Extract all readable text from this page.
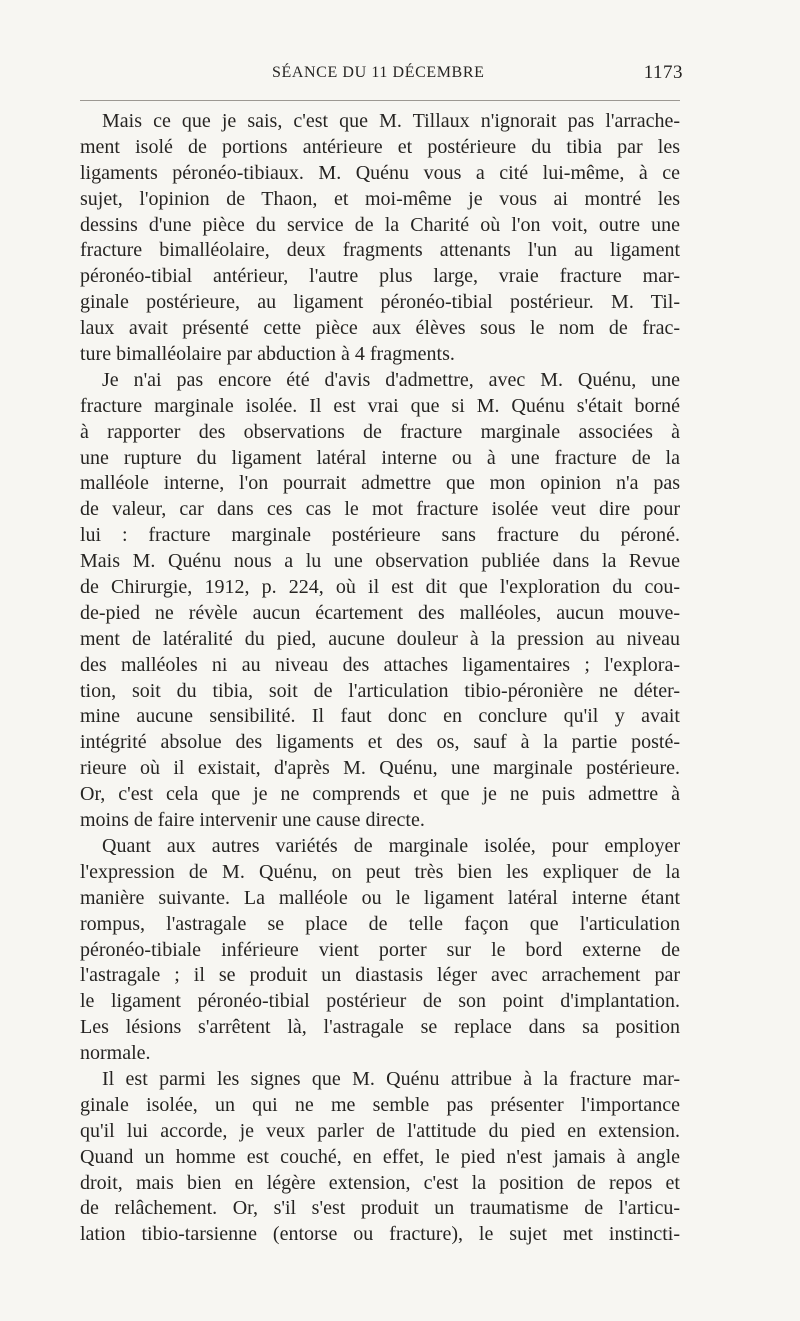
SÉANCE DU 11 DÉCEMBRE	1173
Mais ce que je sais, c'est que M. Tillaux n'ignorait pas l'arrache-
ment isolé de portions antérieure et postérieure du tibia par les
ligaments péronéo-tibiaux. M. Quénu vous a cité lui-même, à ce
sujet, l'opinion de Thaon, et moi-même je vous ai montré les
dessins d'une pièce du service de la Charité où l'on voit, outre une
fracture bimalléolaire, deux fragments attenants l'un au ligament
péronéo-tibial antérieur, l'autre plus large, vraie fracture mar-
ginale postérieure, au ligament péronéo-tibial postérieur. M. Til-
laux avait présenté cette pièce aux élèves sous le nom de frac-
ture bimalléolaire par abduction à 4 fragments.
Je n'ai pas encore été d'avis d'admettre, avec M. Quénu, une
fracture marginale isolée. Il est vrai que si M. Quénu s'était borné
à rapporter des observations de fracture marginale associées à
une rupture du ligament latéral interne ou à une fracture de la
malléole interne, l'on pourrait admettre que mon opinion n'a pas
de valeur, car dans ces cas le mot fracture isolée veut dire pour
lui : fracture marginale postérieure sans fracture du péroné.
Mais M. Quénu nous a lu une observation publiée dans la Revue
de Chirurgie, 1912, p. 224, où il est dit que l'exploration du cou-
de-pied ne révèle aucun écartement des malléoles, aucun mouve-
ment de latéralité du pied, aucune douleur à la pression au niveau
des malléoles ni au niveau des attaches ligamentaires ; l'explora-
tion, soit du tibia, soit de l'articulation tibio-péronière ne déter-
mine aucune sensibilité. Il faut donc en conclure qu'il y avait
intégrité absolue des ligaments et des os, sauf à la partie posté-
rieure où il existait, d'après M. Quénu, une marginale postérieure.
Or, c'est cela que je ne comprends et que je ne puis admettre à
moins de faire intervenir une cause directe.
Quant aux autres variétés de marginale isolée, pour employer
l'expression de M. Quénu, on peut très bien les expliquer de la
manière suivante. La malléole ou le ligament latéral interne étant
rompus, l'astragale se place de telle façon que l'articulation
péronéo-tibiale inférieure vient porter sur le bord externe de
l'astragale ; il se produit un diastasis léger avec arrachement par
le ligament péronéo-tibial postérieur de son point d'implantation.
Les lésions s'arrêtent là, l'astragale se replace dans sa position
normale.
Il est parmi les signes que M. Quénu attribue à la fracture mar-
ginale isolée, un qui ne me semble pas présenter l'importance
qu'il lui accorde, je veux parler de l'attitude du pied en extension.
Quand un homme est couché, en effet, le pied n'est jamais à angle
droit, mais bien en légère extension, c'est la position de repos et
de relâchement. Or, s'il s'est produit un traumatisme de l'articu-
lation tibio-tarsienne (entorse ou fracture), le sujet met instincti-
